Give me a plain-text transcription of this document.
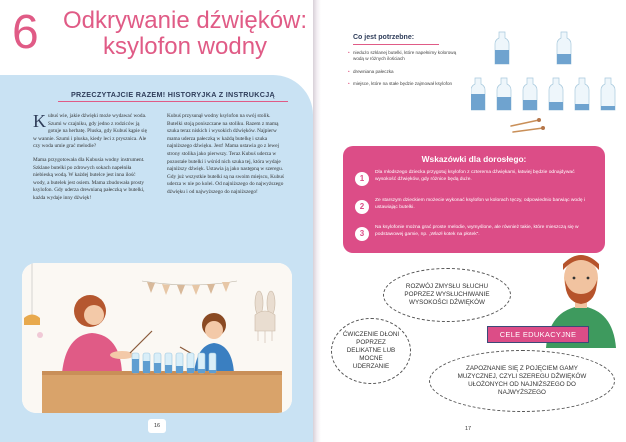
6 Odkrywanie dźwięków:
ksylofon wodny
PRZECZYTAJCIE RAZEM! HISTORYJKA Z INSTRUKCJĄ

Kubuś wie, jakie dźwięki może wydawać woda. Szumi w czajniku, gdy jedno z rodziców ją gotuje na herbatę. Pluska, gdy Kubuś kąpie się w wannie. Szumi i pluska, kiedy leci z prysznica. Ale czy woda umie grać melodie?

Mama przygotowała dla Kubusia wodny instrument. Szklane butelki po zdrowych sokach napełniła niebieską wodą. W każdej butelce jest inna ilość wody, a butelek jest osiem. Mama zbudowała prosty ksylofon. Gdy uderza drewnianą pałeczką w butelki, każda wydaje inny dźwięk!

Kubuś przysunął wodny ksylofon na swój stolik. Butelki stoją poniszczane na stoliku. Razem z mamą szuka teraz niskich i wysokich dźwięków. Najpierw mama uderza pałeczką w każdą butelkę i szuka najniższego dźwięku. Jest! Mama ustawia go z lewej strony stolika jako pierwszy. Teraz Kubuś uderza w pozostałe butelki i wśród nich szuka tej, która wydaje najniższy dźwięk. Ustawia ją jako następną w szeregu. Gdy już wszystkie butelki są na swoim miejscu, Kubuś uderza w nie po kolei. Od najniższego do najwyższego dźwięku i od najwyższego do najniższego!

16
Co jest potrzebne:
• niedużo szklanej butelki, które napełnimy kolorową wodą w różnych ilościach
• drewniana pałeczka
• miejsce, które na stałe będzie zajmował ksylofon
Wskazówki dla dorosłego:
1
Dla młodszego dziecka przygotuj ksylofon z czterema dźwiękami, łatwiej będzie odnajdywać wysokość dźwięków, gdy różnice będą duże.
2
Ze starszym dzieckiem możecie wykonać ksylofon w kolorach tęczy, odpowiednio barwiąc wodę i ustawiając butelki.
3
Na ksylofonie można grać proste melodie, wymyślone, ale również takie, które mieszczą się w podstawowej gamie, np. „Wlazł kotek na płotek”.
ROZWÓJ ZMYSŁU SŁUCHU POPRZEZ WYSŁUCHIWANIE WYSOKOŚCI DŹWIĘKÓW
ĆWICZENIE DŁONI POPRZEZ DELIKATNE LUB MOCNE UDERZANIE	ZAPOZNANIE SIĘ Z POJĘCIEM GAMY MUZYCZNEJ, CZYLI SZEREGU DŹWIĘKÓW UŁOŻONYCH OD NAJNIŻSZEGO DO NAJWYŻSZEGO
CELE EDUKACYJNE
17
